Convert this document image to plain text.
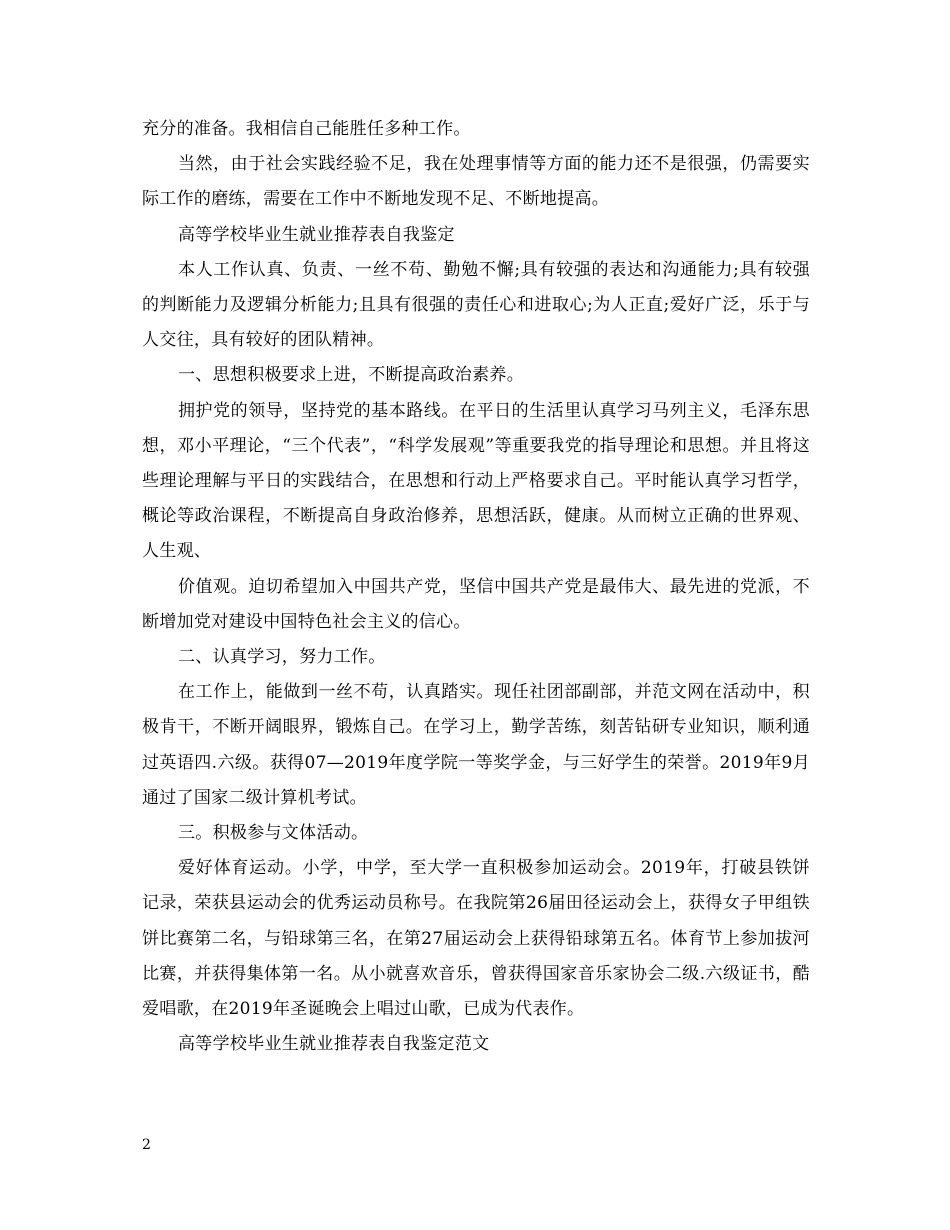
充分的准备。我相信自己能胜任多种工作。

当然，由于社会实践经验不足，我在处理事情等方面的能力还不是很强，仍需要实际工作的磨练，需要在工作中不断地发现不足、不断地提高。

高等学校毕业生就业推荐表自我鉴定

本人工作认真、负责、一丝不苟、勤勉不懈;具有较强的表达和沟通能力;具有较强的判断能力及逻辑分析能力;且具有很强的责任心和进取心;为人正直;爱好广泛，乐于与人交往，具有较好的团队精神。

一、思想积极要求上进，不断提高政治素养。

拥护党的领导，坚持党的基本路线。在平日的生活里认真学习马列主义，毛泽东思想，邓小平理论，“三个代表”，“科学发展观”等重要我党的指导理论和思想。并且将这些理论理解与平日的实践结合，在思想和行动上严格要求自己。平时能认真学习哲学，概论等政治课程，不断提高自身政治修养，思想活跃，健康。从而树立正确的世界观、人生观、

价值观。迫切希望加入中国共产党，坚信中国共产党是最伟大、最先进的党派，不断增加党对建设中国特色社会主义的信心。

二、认真学习，努力工作。

在工作上，能做到一丝不苟，认真踏实。现任社团部副部，并范文网在活动中，积极肯干，不断开阔眼界，锻炼自己。在学习上，勤学苦练，刻苦钻研专业知识，顺利通过英语四.六级。获得07—2019年度学院一等奖学金，与三好学生的荣誉。2019年9月通过了国家二级计算机考试。

三。积极参与文体活动。

爱好体育运动。小学，中学，至大学一直积极参加运动会。2019年，打破县铁饼记录，荣获县运动会的优秀运动员称号。在我院第26届田径运动会上，获得女子甲组铁饼比赛第二名，与铅球第三名，在第27届运动会上获得铅球第五名。体育节上参加拔河比赛，并获得集体第一名。从小就喜欢音乐，曾获得国家音乐家协会二级.六级证书，酷爱唱歌，在2019年圣诞晚会上唱过山歌，已成为代表作。

高等学校毕业生就业推荐表自我鉴定范文

2
